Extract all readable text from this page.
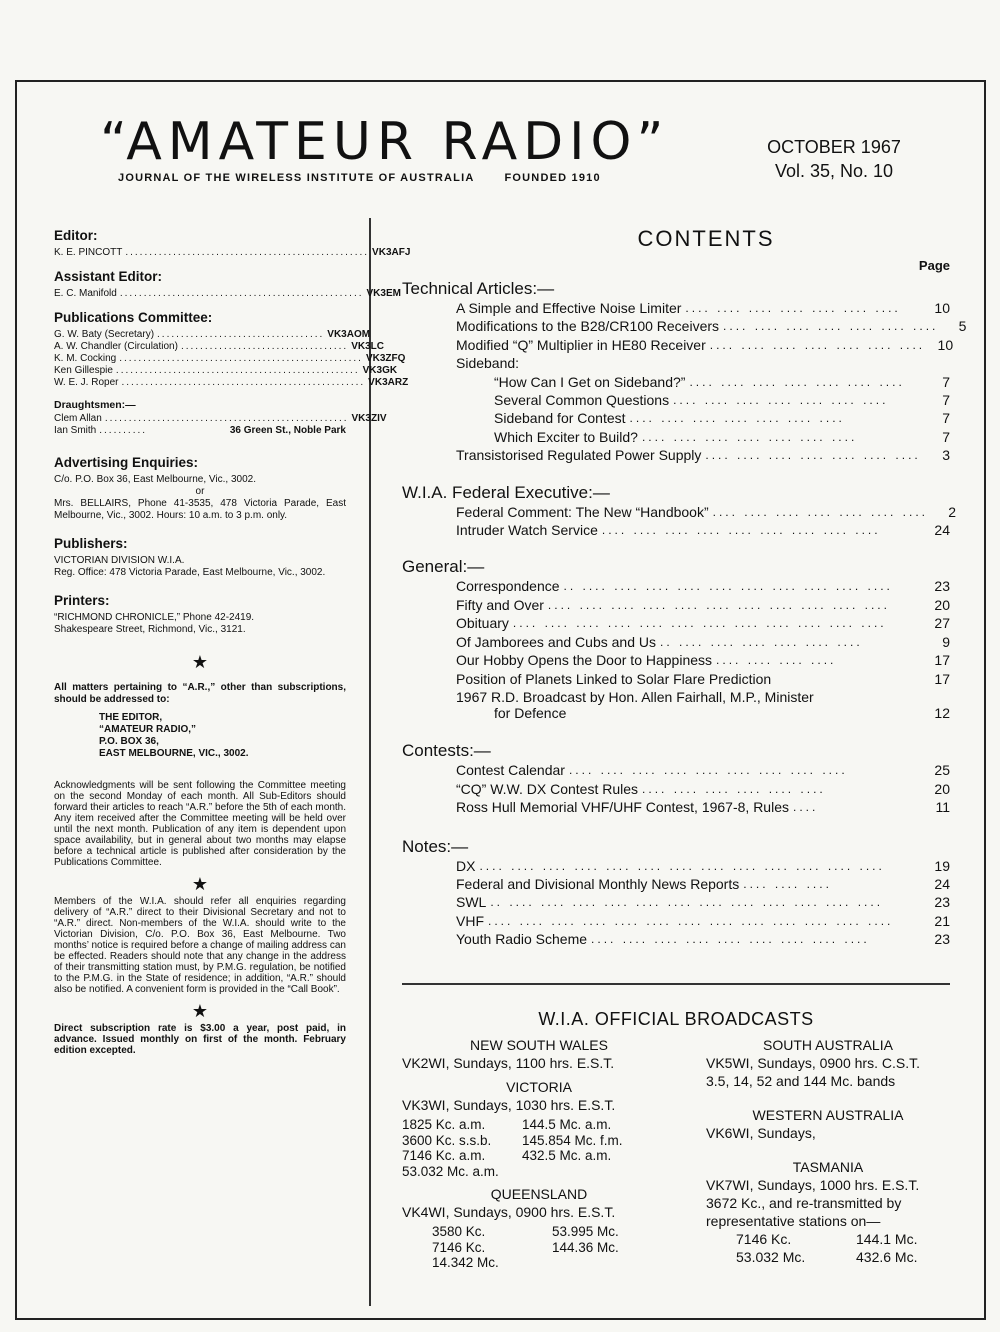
“AMATEUR RADIO”
JOURNAL OF THE WIRELESS INSTITUTE OF AUSTRALIA	FOUNDED 1910
OCTOBER 1967
Vol. 35, No. 10
Editor:
K. E. PINCOTT ................................................... VK3AFJ
Assistant Editor:
E. C. Manifold ................................................... VK3EM
Publications Committee:
G. W. Baty (Secretary) ................................... VK3AOM
A. W. Chandler (Circulation) ................................... VK3LC
K. M. Cocking ................................................... VK3ZFQ
Ken Gillespie ................................................... VK3GK
W. E. J. Roper ................................................... VK3ARZ
Draughtsmen:—
Clem Allan ................................................... VK3ZIV
Ian Smith ..........	36 Green St., Noble Park
Advertising Enquiries:

C/o. P.O. Box 36, East Melbourne, Vic., 3002.

or

Mrs. BELLAIRS, Phone 41-3535, 478 Victoria Parade, East Melbourne, Vic., 3002. Hours: 10 a.m. to 3 p.m. only.

Publishers:

VICTORIAN DIVISION W.I.A.

Reg. Office: 478 Victoria Parade, East Melbourne, Vic., 3002.

Printers:

“RICHMOND CHRONICLE,” Phone 42-2419.

Shakespeare Street, Richmond, Vic., 3121.

★

All matters pertaining to “A.R.,” other than subscriptions, should be addressed to:

THE EDITOR,
“AMATEUR RADIO,”
P.O. BOX 36,
EAST MELBOURNE, VIC., 3002.

Acknowledgments will be sent following the Committee meeting on the second Monday of each month. All Sub-Editors should forward their articles to reach “A.R.” before the 5th of each month. Any item received after the Committee meeting will be held over until the next month. Publication of any item is dependent upon space availability, but in general about two months may elapse before a technical article is published after consideration by the Publications Committee.

★

Members of the W.I.A. should refer all enquiries regarding delivery of “A.R.” direct to their Divisional Secretary and not to “A.R.” direct. Non-members of the W.I.A. should write to the Victorian Division, C/o. P.O. Box 36, East Melbourne. Two months’ notice is required before a change of mailing address can be effected. Readers should note that any change in the address of their transmitting station must, by P.M.G. regulation, be notified to the P.M.G. in the State of residence; in addition, “A.R.” should also be notified. A convenient form is provided in the “Call Book”.

★

Direct subscription rate is $3.00 a year, post paid, in advance. Issued monthly on first of the month. February edition excepted.

CONTENTS
Page
Technical Articles:—
A Simple and Effective Noise Limiter .... .... .... .... .... .... ....	10
Modifications to the B28/CR100 Receivers .... .... .... .... .... .... ....	5
Modified “Q” Multiplier in HE80 Receiver .... .... .... .... .... .... .... 10
Sideband:
“How Can I Get on Sideband?” .... .... .... .... .... .... ....	7
Several Common Questions .... .... .... .... .... .... ....	7
Sideband for Contest .... .... .... .... .... .... ....	7
Which Exciter to Build? .... .... .... .... .... .... ....	7
Transistorised Regulated Power Supply .... .... .... .... .... .... ....	3
W.I.A. Federal Executive:—
Federal Comment: The New “Handbook” .... .... .... .... .... .... ....	2
Intruder Watch Service .... .... .... .... .... .... .... .... ....	24
General:—
Correspondence .. .... .... .... .... .... .... .... .... .... ....	23
Fifty and Over .... .... .... .... .... .... .... .... .... .... ....	20
Obituary .... .... .... .... .... .... .... .... .... .... .... ....	27
Of Jamborees and Cubs and Us .. .... .... .... .... .... ....	9
Our Hobby Opens the Door to Happiness .... .... .... ....	17
Position of Planets Linked to Solar Flare Prediction	17
1967 R.D. Broadcast by Hon. Allen Fairhall, M.P., Minister
for Defence	12
Contests:—
Contest Calendar .... .... .... .... .... .... .... .... ....	25
“CQ” W.W. DX Contest Rules .... .... .... .... .... ....	20
Ross Hull Memorial VHF/UHF Contest, 1967-8, Rules ....	11
Notes:—
DX .... .... .... .... .... .... .... .... .... .... .... .... ....	19
Federal and Divisional Monthly News Reports .... .... ....	24
SWL .. .... .... .... .... .... .... .... .... .... .... .... ....	23
VHF .... .... .... .... .... .... .... .... .... .... .... .... ....	21
Youth Radio Scheme .... .... .... .... .... .... .... .... ....	23
W.I.A. OFFICIAL BROADCASTS
NEW SOUTH WALES
VK2WI, Sundays, 1100 hrs. E.S.T.
VICTORIA
VK3WI, Sundays, 1030 hrs. E.S.T.
1825 Kc. a.m.	144.5 Mc. a.m.
3600 Kc. s.s.b.	145.854 Mc. f.m.
7146 Kc. a.m.	432.5 Mc. a.m.
53.032 Mc. a.m.
QUEENSLAND
VK4WI, Sundays, 0900 hrs. E.S.T.
3580 Kc.	53.995 Mc.
7146 Kc.	144.36 Mc.
14.342 Mc.
SOUTH AUSTRALIA
VK5WI, Sundays, 0900 hrs. C.S.T.
3.5, 14, 52 and 144 Mc. bands
WESTERN AUSTRALIA
VK6WI, Sundays,
TASMANIA
VK7WI, Sundays, 1000 hrs. E.S.T.
3672 Kc., and re-transmitted by
representative stations on—
7146 Kc.	144.1 Mc.
53.032 Mc.	432.6 Mc.
